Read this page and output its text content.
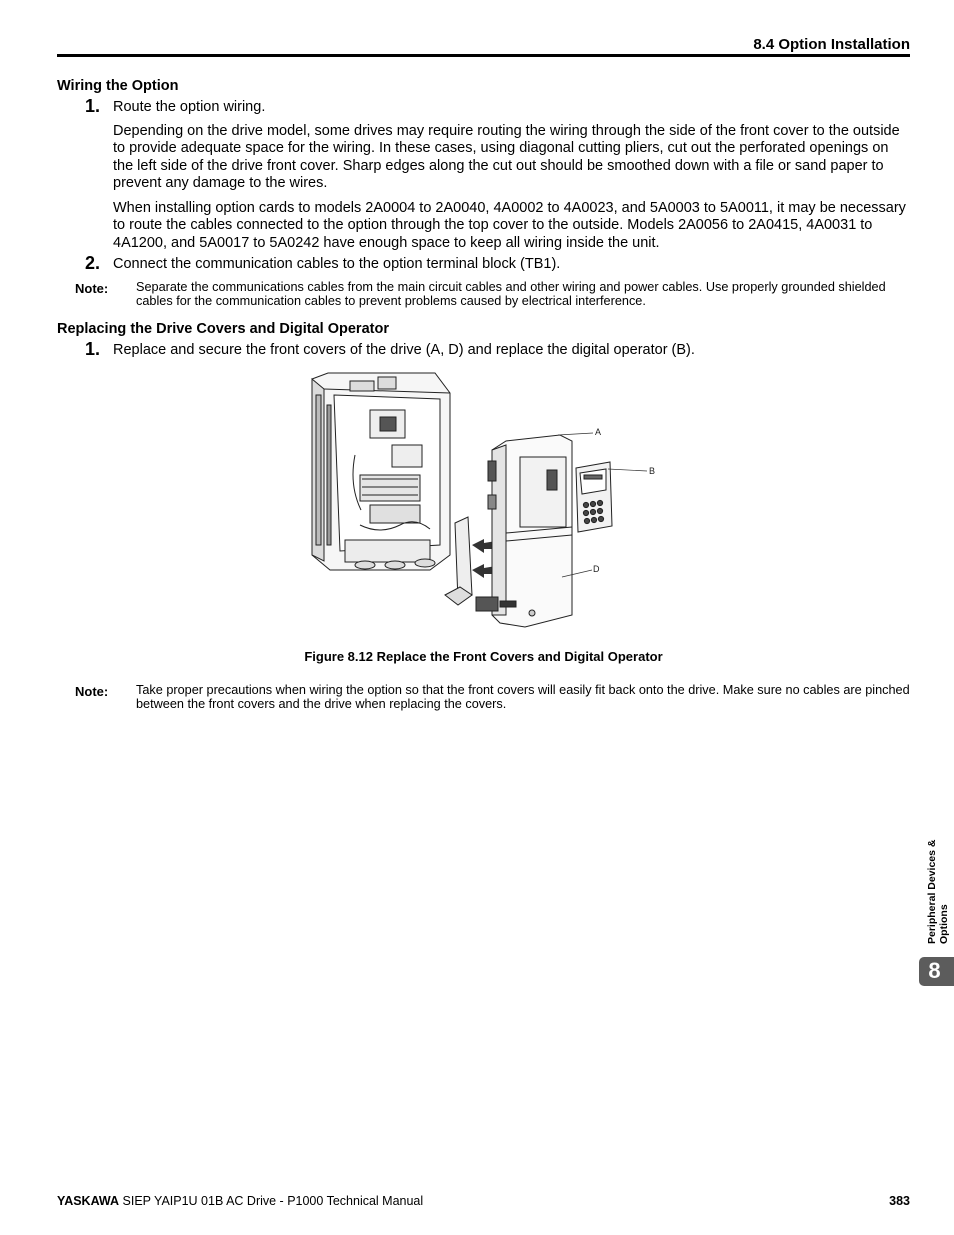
8.4 Option Installation
Wiring the Option
1. Route the option wiring.
Depending on the drive model, some drives may require routing the wiring through the side of the front cover to the outside to provide adequate space for the wiring. In these cases, using diagonal cutting pliers, cut out the perforated openings on the left side of the drive front cover. Sharp edges along the cut out should be smoothed down with a file or sand paper to prevent any damage to the wires.
When installing option cards to models 2A0004 to 2A0040, 4A0002 to 4A0023, and 5A0003 to 5A0011, it may be necessary to route the cables connected to the option through the top cover to the outside. Models 2A0056 to 2A0415, 4A0031 to 4A1200, and 5A0017 to 5A0242 have enough space to keep all wiring inside the unit.
2. Connect the communication cables to the option terminal block (TB1).
Note: Separate the communications cables from the main circuit cables and other wiring and power cables. Use properly grounded shielded cables for the communication cables to prevent problems caused by electrical interference.
Replacing the Drive Covers and Digital Operator
1. Replace and secure the front covers of the drive (A, D) and replace the digital operator (B).
A
B
D
Figure 8.12 Replace the Front Covers and Digital Operator
Note: Take proper precautions when wiring the option so that the front covers will easily fit back onto the drive. Make sure no cables are pinched between the front covers and the drive when replacing the covers.
Peripheral Devices & Options
8
YASKAWA SIEP YAIP1U 01B AC Drive - P1000 Technical Manual	383
